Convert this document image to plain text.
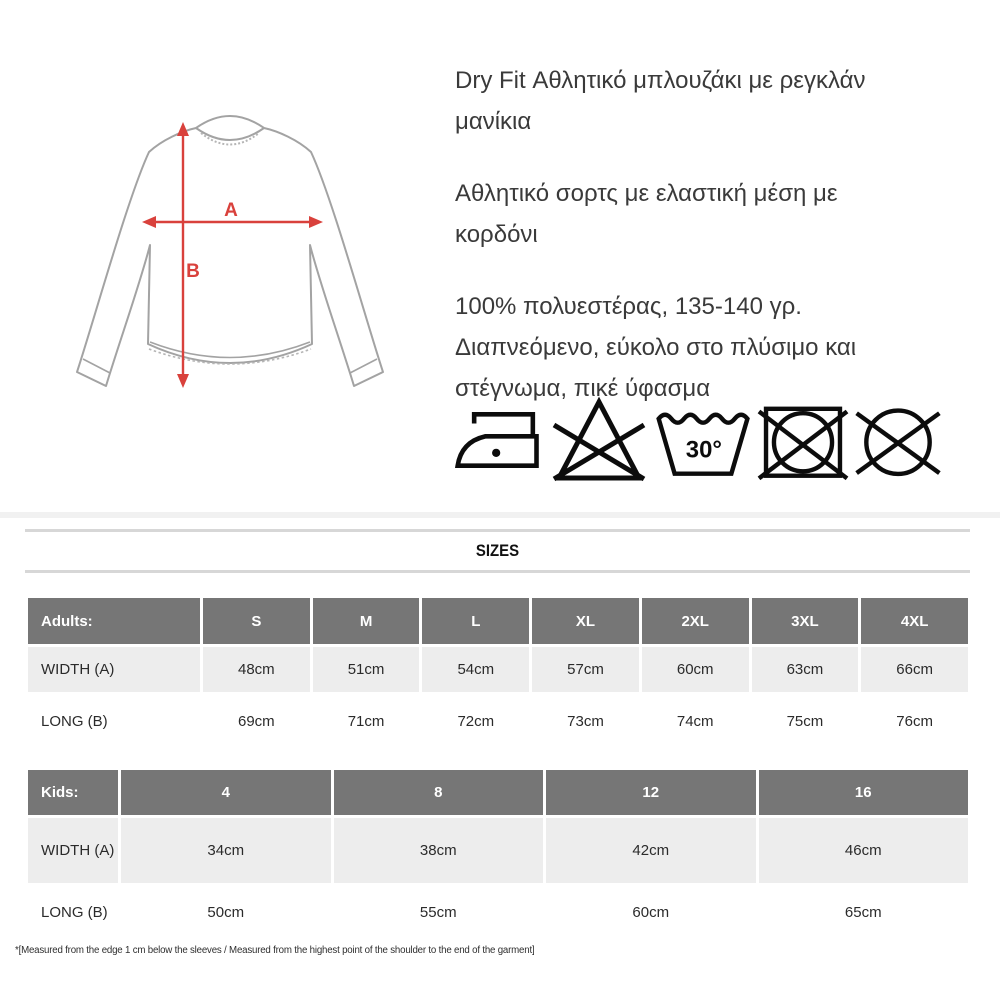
A
B
Dry Fit Αθλητικό μπλουζάκι με ρεγκλάν
μανίκια
Αθλητικό σορτς με ελαστική μέση με
κορδόνι
100% πολυεστέρας, 135-140 γρ.
Διαπνεόμενο, εύκολο στο πλύσιμο και
στέγνωμα, πικέ ύφασμα
30°
SIZES
Adults:	S	M	L	XL	2XL	3XL	4XL
WIDTH (A)	48cm	51cm	54cm	57cm	60cm	63cm	66cm
LONG (B)	69cm	71cm	72cm	73cm	74cm	75cm	76cm
Kids:	4	8	12	16
WIDTH (A)	34cm	38cm	42cm	46cm
LONG (B)	50cm	55cm	60cm	65cm
*[Measured from the edge 1 cm below the sleeves / Measured from the highest point of the shoulder to the end of the garment]
